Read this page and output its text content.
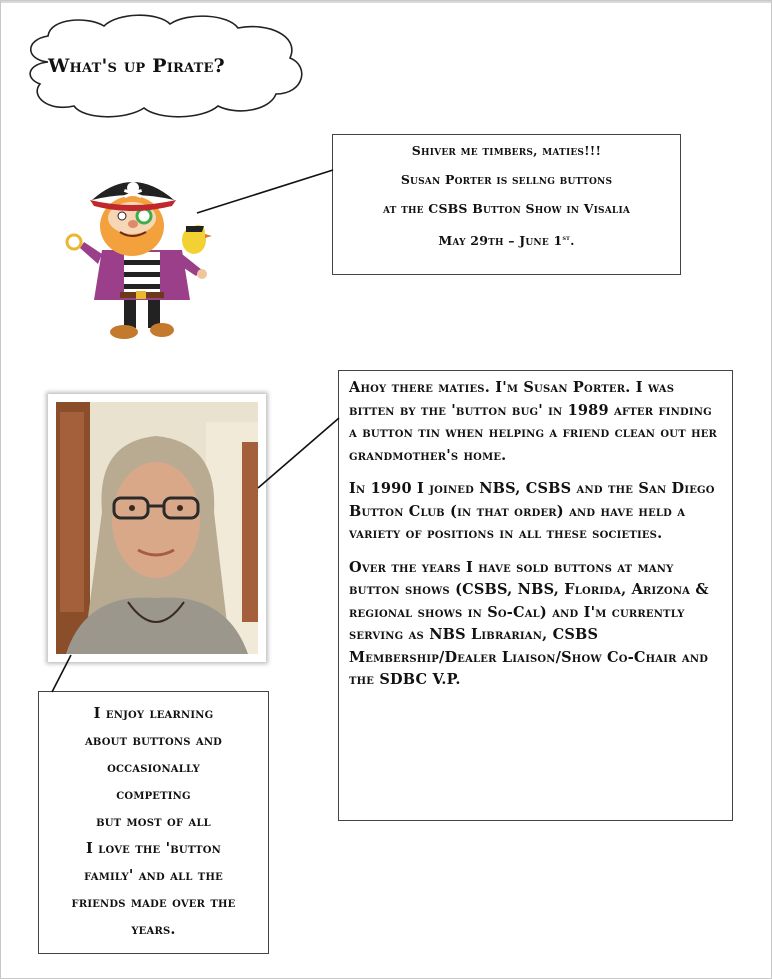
What's up Pirate?

Shiver me timbers, maties!!!

Susan Porter is sellng buttons

at the CSBS Button Show in Visalia

May 29th – June 1st.

Ahoy there maties. I'm Susan Porter. I was bitten by the 'button bug' in 1989 after finding a button tin when helping a friend clean out her grandmother's home.

In 1990 I joined NBS, CSBS and the San Diego Button Club (in that order) and have held a variety of positions in all these societies.

Over the years I have sold buttons at many button shows (CSBS, NBS, Florida, Arizona & regional shows in So-Cal) and I'm currently serving as NBS Librarian, CSBS Membership/Dealer Liaison/Show Co-Chair and the SDBC V.P.

I enjoy learning
about buttons and
occasionally
competing
but most of all
I love the 'button
family' and all the
friends made over the
years.
